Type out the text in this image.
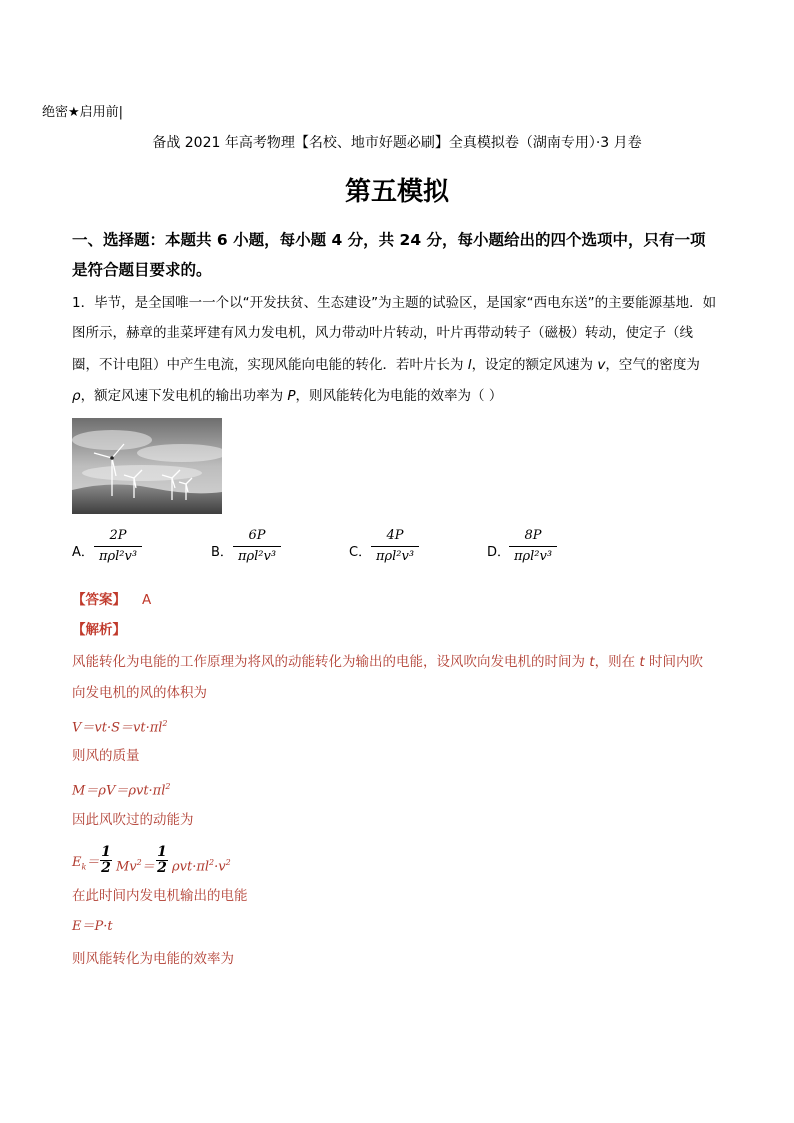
绝密★启用前|
备战 2021 年高考物理【名校、地市好题必刷】全真模拟卷（湖南专用）·3 月卷
第五模拟
一、选择题：本题共 6 小题，每小题 4 分，共 24 分，每小题给出的四个选项中，只有一项
是符合题目要求的。
1．毕节，是全国唯一一个以“开发扶贫、生态建设”为主题的试验区，是国家“西电东送”的主要能源基地．如
图所示，赫章的韭菜坪建有风力发电机，风力带动叶片转动，叶片再带动转子（磁极）转动，使定子（线
圈，不计电阻）中产生电流，实现风能向电能的转化．若叶片长为 l，设定的额定风速为 v，空气的密度为
ρ，额定风速下发电机的输出功率为 P，则风能转化为电能的效率为（ ）
A．
2P
πρl²v³	B．
6P
πρl²v³	C．
4P
πρl²v³	D．
8P
πρl²v³
【答案】 A
【解析】
风能转化为电能的工作原理为将风的动能转化为输出的电能，设风吹向发电机的时间为 t，则在 t 时间内吹
向发电机的风的体积为
$V=vt\cdot S=vt\cdot\pi l^2$
则风的质量
$M=\rho V=\rho vt\cdot\pi l^2$
因此风吹过的动能为
$E_k=$
1
2 $Mv^2=$
1
2 $\rho vt\cdot\pi l^2\cdot v^2$
在此时间内发电机输出的电能
E＝P·t
则风能转化为电能的效率为
